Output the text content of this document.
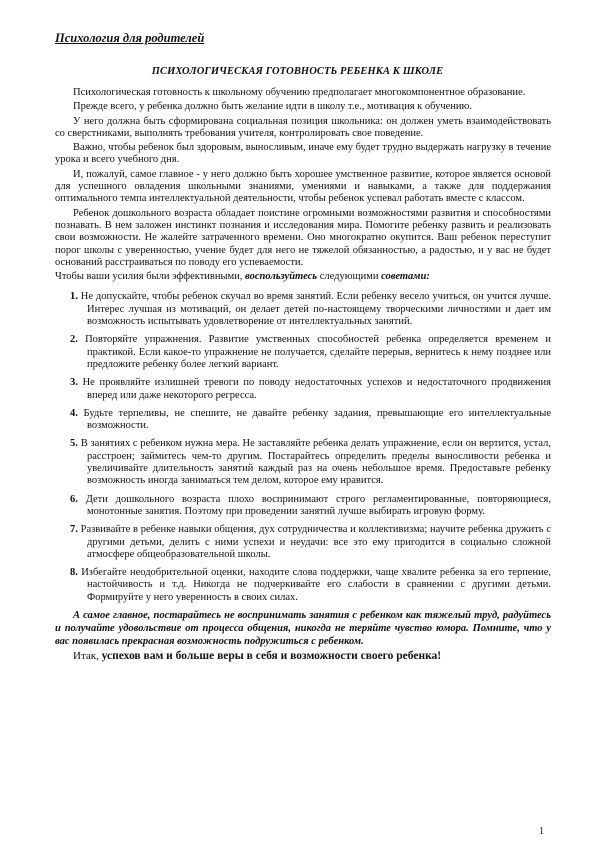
Психология для родителей
ПСИХОЛОГИЧЕСКАЯ ГОТОВНОСТЬ РЕБЕНКА К ШКОЛЕ

Психологическая готовность к школьному обучению предполагает многокомпонентное образование.

Прежде всего, у ребенка должно быть желание идти в школу т.е., мотивация к обучению.

У него должна быть сформирована социальная позиция школьника: он должен уметь взаимодействовать со сверстниками, выполнять требования учителя, контролировать свое поведение.

Важно, чтобы ребенок был здоровым, выносливым, иначе ему будет трудно выдержать нагрузку в течение урока и всего учебного дня.

И, пожалуй, самое главное - у него должно быть хорошее умственное развитие, которое является основой для успешного овладения школьными знаниями, умениями и навыками, а также для поддержания оптимального темпа интеллектуальной деятельности, чтобы ребенок успевал работать вместе с классом.

Ребенок дошкольного возраста обладает поистине огромными возможностями развития и способностями познавать. В нем заложен инстинкт познания и исследования мира. Помогите ребенку развить и реализовать свои возможности. Не жалейте затраченного времени. Оно многократно окупится. Ваш ребенок переступит порог школы с уверенностью, учение будет для него не тяжелой обязанностью, а радостью, и у вас не будет оснований расстраиваться по поводу его успеваемости.

Чтобы ваши усилия были эффективными, воспользуйтесь следующими советами:

1. Не допускайте, чтобы ребенок скучал во время занятий. Если ребенку весело учиться, он учится лучше. Интерес лучшая из мотиваций, он делает детей по-настоящему творческими личностями и дает им возможность испытывать удовлетворение от интеллектуальных занятий.
2. Повторяйте упражнения. Развитие умственных способностей ребенка определяется временем и практикой. Если какое-то упражнение не получается, сделайте перерыв, вернитесь к нему позднее или предложите ребенку более легкий вариант.
3. Не проявляйте излишней тревоги по поводу недостаточных успехов и недостаточного продвижения вперед или даже некоторого регресса.
4. Будьте терпеливы, не спешите, не давайте ребенку задания, превышающие его интеллектуальные возможности.
5. В занятиях с ребенком нужна мера. Не заставляйте ребенка делать упражнение, если он вертится, устал, расстроен; займитесь чем-то другим. Постарайтесь определить пределы выносливости ребенка и увеличивайте длительность занятий каждый раз на очень небольшое время. Предоставьте ребенку возможность иногда заниматься тем делом, которое ему нравится.
6. Дети дошкольного возраста плохо воспринимают строго регламентированные, повторяющиеся, монотонные занятия. Поэтому при проведении занятий лучше выбирать игровую форму.
7. Развивайте в ребенке навыки общения, дух сотрудничества и коллективизма; научите ребенка дружить с другими детьми, делить с ними успехи и неудачи: все это ему пригодится в социально сложной атмосфере общеобразовательной школы.
8. Избегайте неодобрительной оценки, находите слова поддержки, чаще хвалите ребенка за его терпение, настойчивость и т.д. Никогда не подчеркивайте его слабости в сравнении с другими детьми. Формируйте у него уверенность в своих силах.

А самое главное, постарайтесь не воспринимать занятия с ребенком как тяжелый труд, радуйтесь и получайте удовольствие от процесса общения, никогда не теряйте чувство юмора. Помните, что у вас появилась прекрасная возможность подружиться с ребенком.

Итак, успехов вам и больше веры в себя и возможности своего ребенка!

1
